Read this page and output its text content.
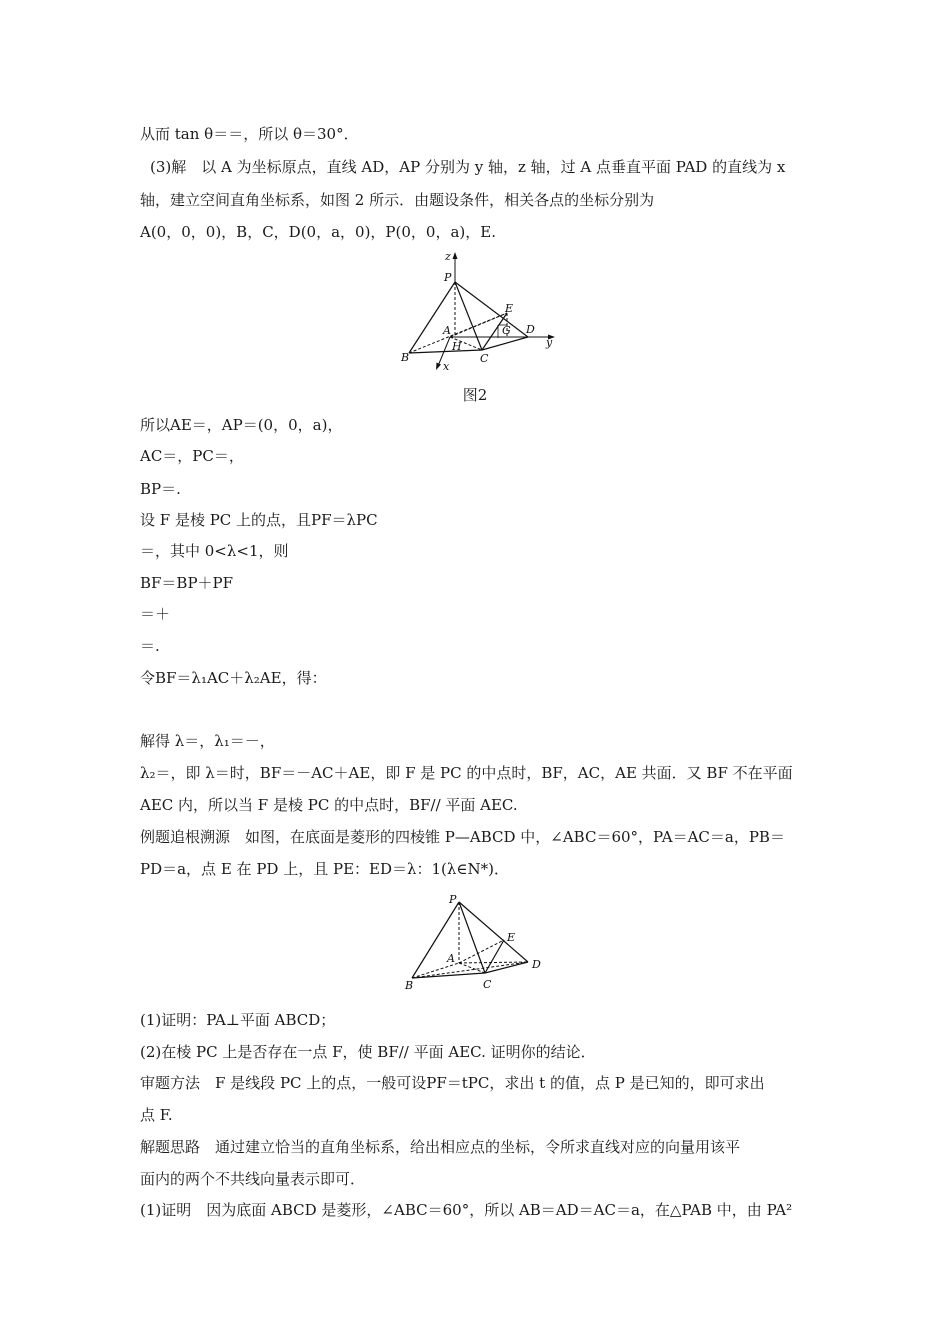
从而 tan θ＝＝，所以 θ＝30°．
(3)解　以 A 为坐标原点，直线 AD，AP 分别为 y 轴，z 轴，过 A 点垂直平面 PAD 的直线为 x
轴，建立空间直角坐标系，如图 2 所示．由题设条件，相关各点的坐标分别为
A(0，0，0)，B，C，D(0，a，0)，P(0，0，a)，E.
z
P
E
A	G D
y
H
B	C
x
图2
所以AE＝，AP＝(0，0，a)，
AC＝，PC＝，
BP＝.
设 F 是棱 PC 上的点，且PF＝λPC
＝，其中 0<λ<1，则
BF＝BP＋PF
＝＋
＝.
令BF＝λ₁AC＋λ₂AE，得：
解得 λ＝，λ₁＝－，
λ₂＝，即 λ＝时，BF＝－AC＋AE，即 F 是 PC 的中点时，BF，AC，AE 共面．又 BF 不在平面
AEC 内，所以当 F 是棱 PC 的中点时，BF// 平面 AEC.
例题追根溯源　如图，在底面是菱形的四棱锥 P—ABCD 中，∠ABC＝60°，PA＝AC＝a，PB＝
PD＝a，点 E 在 PD 上，且 PE：ED＝λ：1(λ∈N*)．
P
E
A	D
B	C
(1)证明：PA⊥平面 ABCD；
(2)在棱 PC 上是否存在一点 F，使 BF// 平面 AEC. 证明你的结论．
审题方法　F 是线段 PC 上的点，一般可设PF＝tPC，求出 t 的值，点 P 是已知的，即可求出
点 F.
解题思路　通过建立恰当的直角坐标系，给出相应点的坐标，令所求直线对应的向量用该平
面内的两个不共线向量表示即可．
(1)证明　因为底面 ABCD 是菱形，∠ABC＝60°，所以 AB＝AD＝AC＝a，在△PAB 中，由 PA²
